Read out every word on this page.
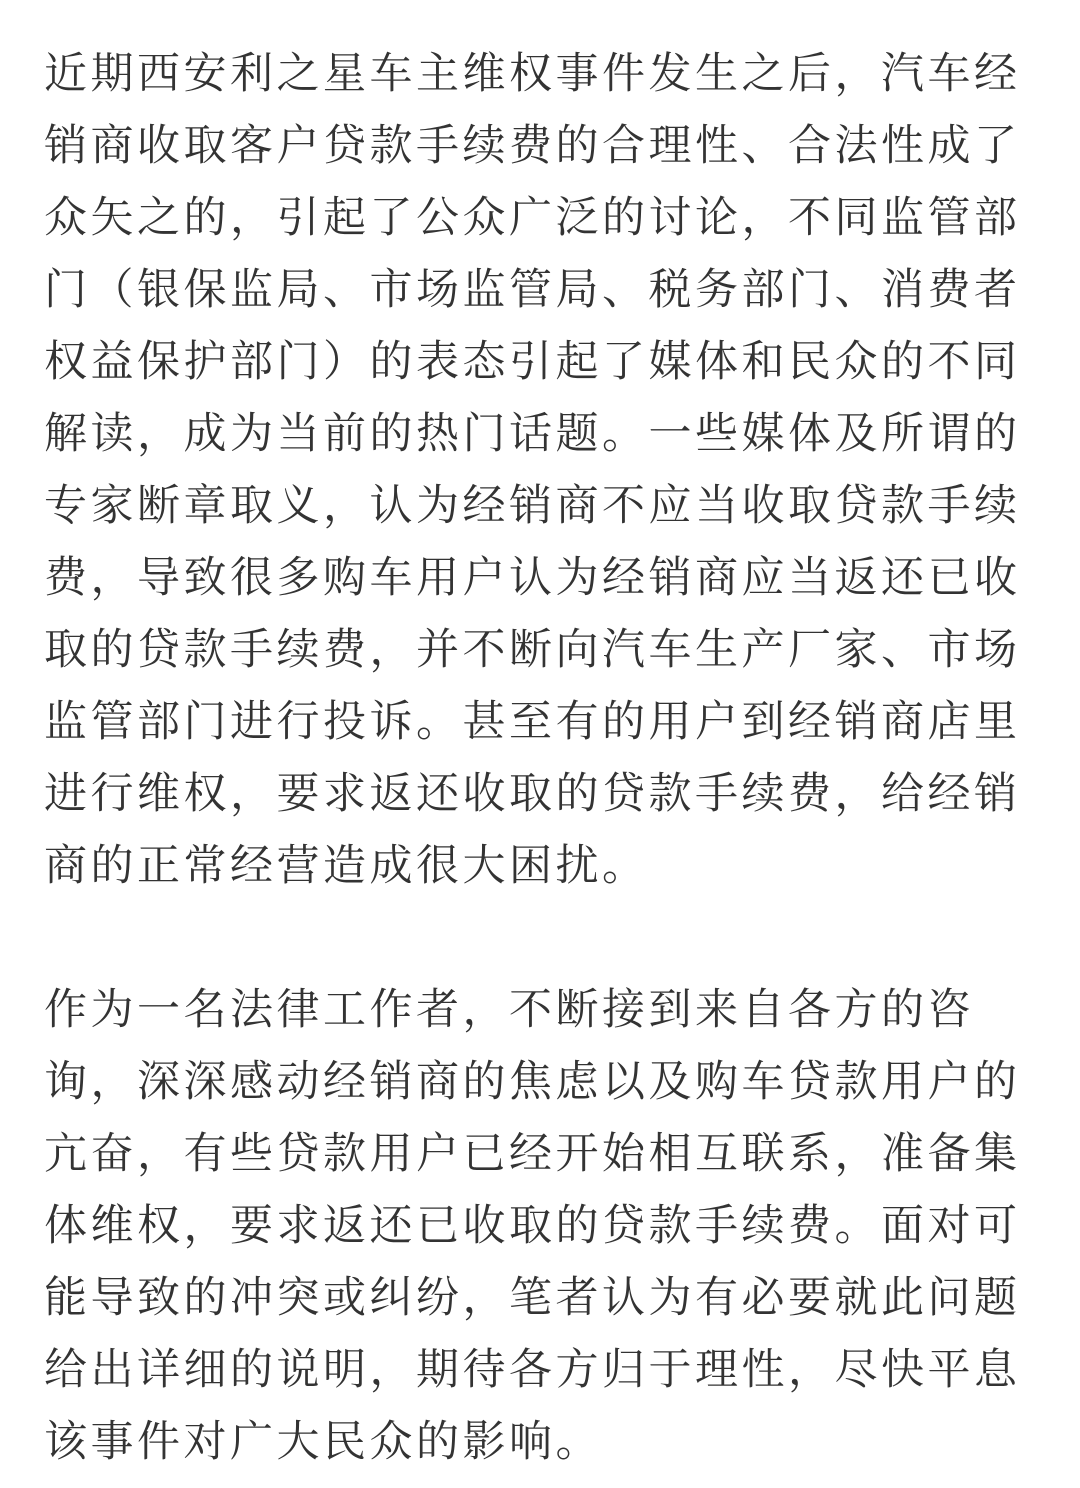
近期西安利之星车主维权事件发生之后，汽车经
销商收取客户贷款手续费的合理性、合法性成了
众矢之的，引起了公众广泛的讨论，不同监管部
门（银保监局、市场监管局、税务部门、消费者
权益保护部门）的表态引起了媒体和民众的不同
解读，成为当前的热门话题。一些媒体及所谓的
专家断章取义，认为经销商不应当收取贷款手续
费，导致很多购车用户认为经销商应当返还已收
取的贷款手续费，并不断向汽车生产厂家、市场
监管部门进行投诉。甚至有的用户到经销商店里
进行维权，要求返还收取的贷款手续费，给经销
商的正常经营造成很大困扰。

作为一名法律工作者，不断接到来自各方的咨
询，深深感动经销商的焦虑以及购车贷款用户的
亢奋，有些贷款用户已经开始相互联系，准备集
体维权，要求返还已收取的贷款手续费。面对可
能导致的冲突或纠纷，笔者认为有必要就此问题
给出详细的说明，期待各方归于理性，尽快平息
该事件对广大民众的影响。
